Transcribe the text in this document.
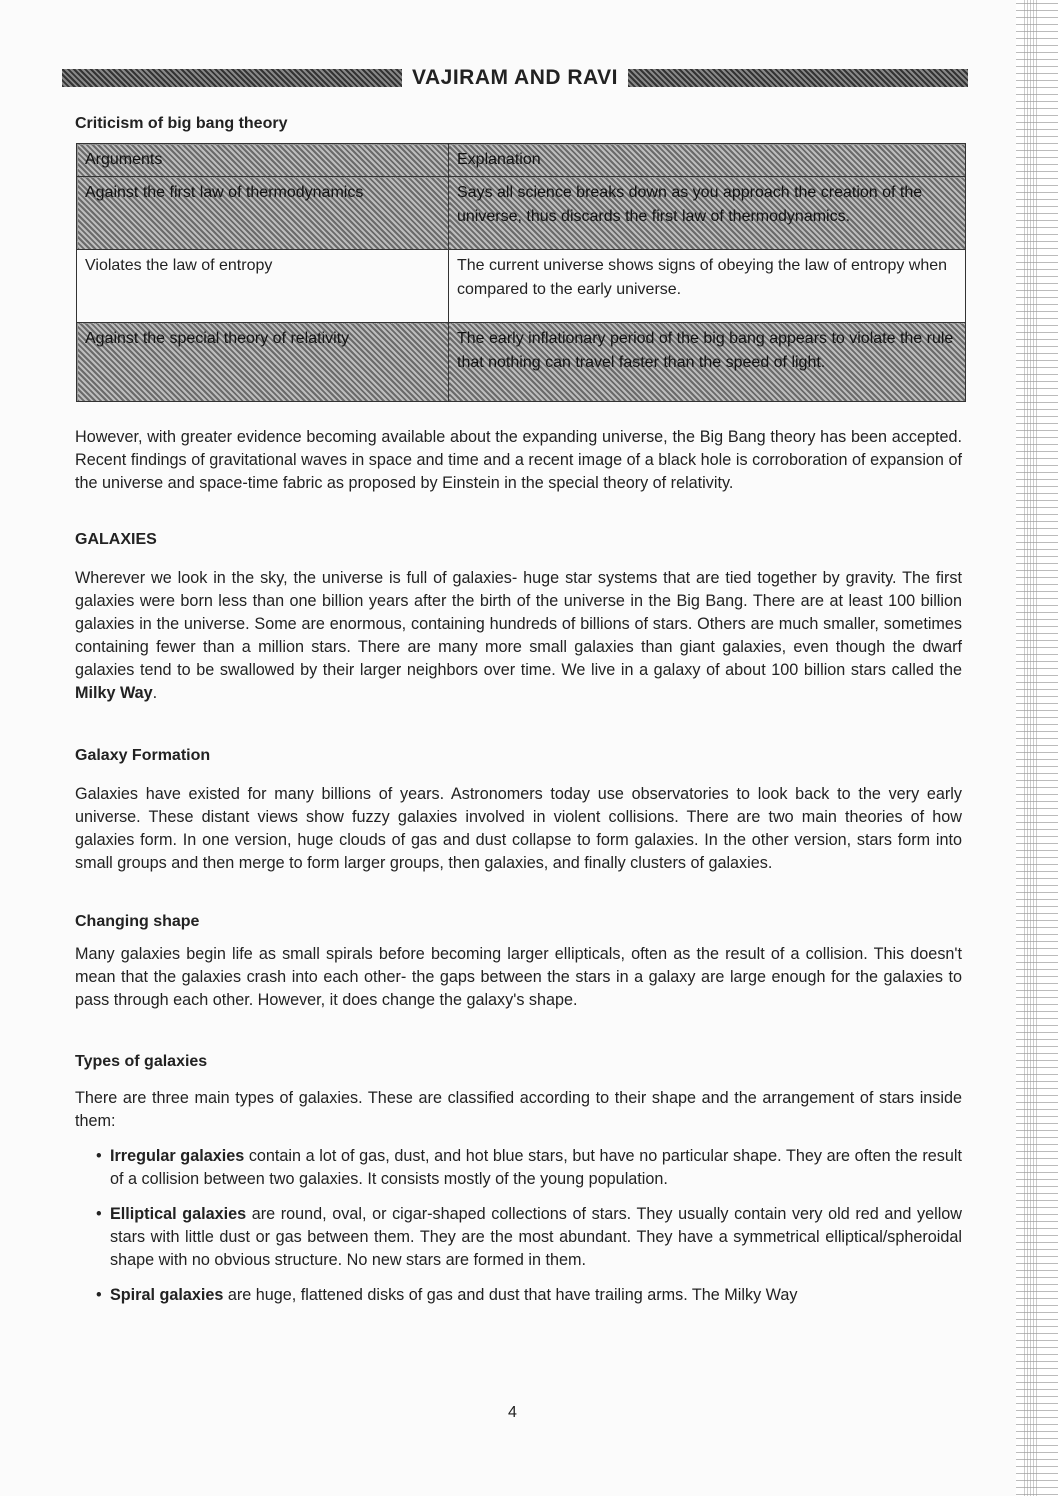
VAJIRAM AND RAVI
Criticism of big bang theory
Arguments	Explanation
Against the first law of thermodynamics	Says all science breaks down as you approach the creation of the universe, thus discards the first law of thermodynamics.
Violates the law of entropy	The current universe shows signs of obeying the law of entropy when compared to the early universe.
Against the special theory of relativity	The early inflationary period of the big bang appears to violate the rule that nothing can travel faster than the speed of light.
However, with greater evidence becoming available about the expanding universe, the Big Bang theory has been accepted. Recent findings of gravitational waves in space and time and a recent image of a black hole is corroboration of expansion of the universe and space-time fabric as proposed by Einstein in the special theory of relativity.
GALAXIES
Wherever we look in the sky, the universe is full of galaxies- huge star systems that are tied together by gravity. The first galaxies were born less than one billion years after the birth of the universe in the Big Bang. There are at least 100 billion galaxies in the universe. Some are enormous, containing hundreds of billions of stars. Others are much smaller, sometimes containing fewer than a million stars. There are many more small galaxies than giant galaxies, even though the dwarf galaxies tend to be swallowed by their larger neighbors over time. We live in a galaxy of about 100 billion stars called the Milky Way.
Galaxy Formation
Galaxies have existed for many billions of years. Astronomers today use observatories to look back to the very early universe. These distant views show fuzzy galaxies involved in violent collisions. There are two main theories of how galaxies form. In one version, huge clouds of gas and dust collapse to form galaxies. In the other version, stars form into small groups and then merge to form larger groups, then galaxies, and finally clusters of galaxies.
Changing shape
Many galaxies begin life as small spirals before becoming larger ellipticals, often as the result of a collision. This doesn't mean that the galaxies crash into each other- the gaps between the stars in a galaxy are large enough for the galaxies to pass through each other. However, it does change the galaxy's shape.
Types of galaxies
There are three main types of galaxies. These are classified according to their shape and the arrangement of stars inside them:
• Irregular galaxies contain a lot of gas, dust, and hot blue stars, but have no particular shape. They are often the result of a collision between two galaxies. It consists mostly of the young population.
• Elliptical galaxies are round, oval, or cigar-shaped collections of stars. They usually contain very old red and yellow stars with little dust or gas between them. They are the most abundant. They have a symmetrical elliptical/spheroidal shape with no obvious structure. No new stars are formed in them.
• Spiral galaxies are huge, flattened disks of gas and dust that have trailing arms. The Milky Way
4
